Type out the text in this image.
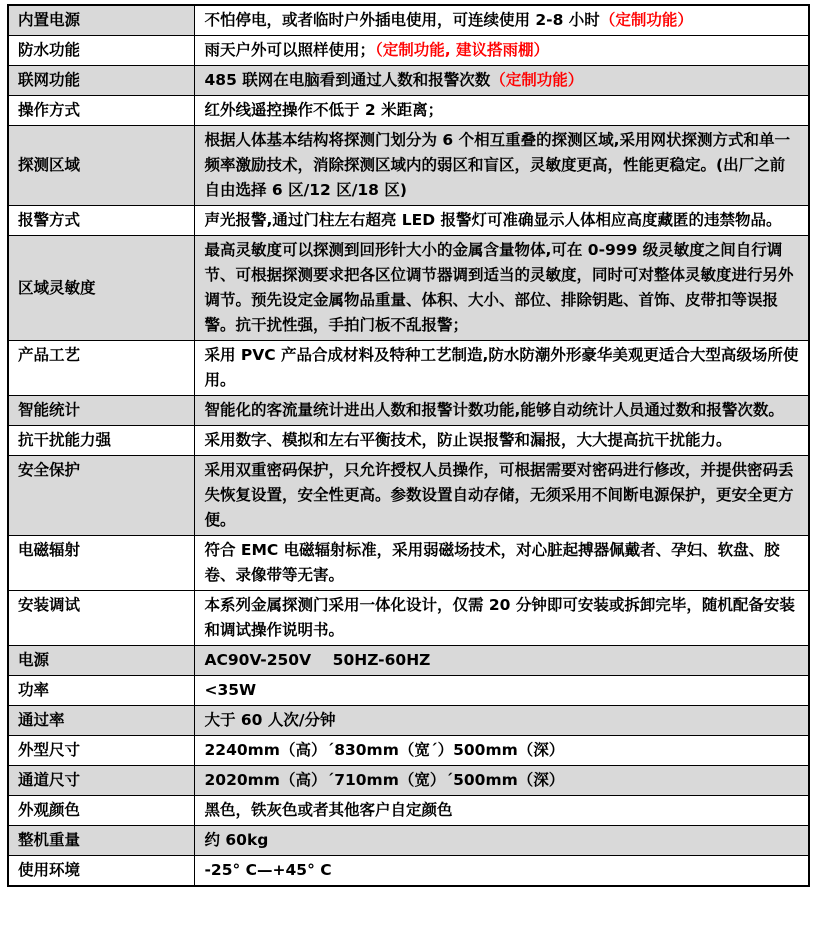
内置电源	不怕停电，或者临时户外插电使用，可连续使用 2-8 小时（定制功能）
防水功能	雨天户外可以照样使用；（定制功能, 建议搭雨棚）
联网功能	485 联网在电脑看到通过人数和报警次数（定制功能）
操作方式	红外线遥控操作不低于 2 米距离；
探测区域	根据人体基本结构将探测门划分为 6 个相互重叠的探测区域,采用网状探测方式和单一频率激励技术，消除探测区域内的弱区和盲区，灵敏度更高，性能更稳定。(出厂之前自由选择 6 区/12 区/18 区)
报警方式	声光报警,通过门柱左右超亮 LED 报警灯可准确显示人体相应高度藏匿的违禁物品。
区域灵敏度	最高灵敏度可以探测到回形针大小的金属含量物体,可在 0-999 级灵敏度之间自行调节、可根据探测要求把各区位调节器调到适当的灵敏度，同时可对整体灵敏度进行另外调节。预先设定金属物品重量、体积、大小、部位、排除钥匙、首饰、皮带扣等误报警。抗干扰性强，手拍门板不乱报警；
产品工艺	采用 PVC 产品合成材料及特种工艺制造,防水防潮外形豪华美观更适合大型高级场所使用。
智能统计	智能化的客流量统计进出人数和报警计数功能,能够自动统计人员通过数和报警次数。
抗干扰能力强	采用数字、模拟和左右平衡技术，防止误报警和漏报，大大提高抗干扰能力。
安全保护	采用双重密码保护，只允许授权人员操作，可根据需要对密码进行修改，并提供密码丢失恢复设置，安全性更高。参数设置自动存储，无须采用不间断电源保护，更安全更方便。
电磁辐射	符合 EMC 电磁辐射标准，采用弱磁场技术，对心脏起搏器佩戴者、孕妇、软盘、胶卷、录像带等无害。
安装调试	本系列金属探测门采用一体化设计，仅需 20 分钟即可安装或拆卸完毕，随机配备安装和调试操作说明书。
电源	AC90V-250V    50HZ-60HZ
功率	<35W
通过率	大于 60 人次/分钟
外型尺寸	2240mm（高）´830mm（宽´）500mm（深）
通道尺寸	2020mm（高）´710mm（宽）´500mm（深）
外观颜色	黑色，铁灰色或者其他客户自定颜色
整机重量	约 60kg
使用环境	-25° C—+45° C
